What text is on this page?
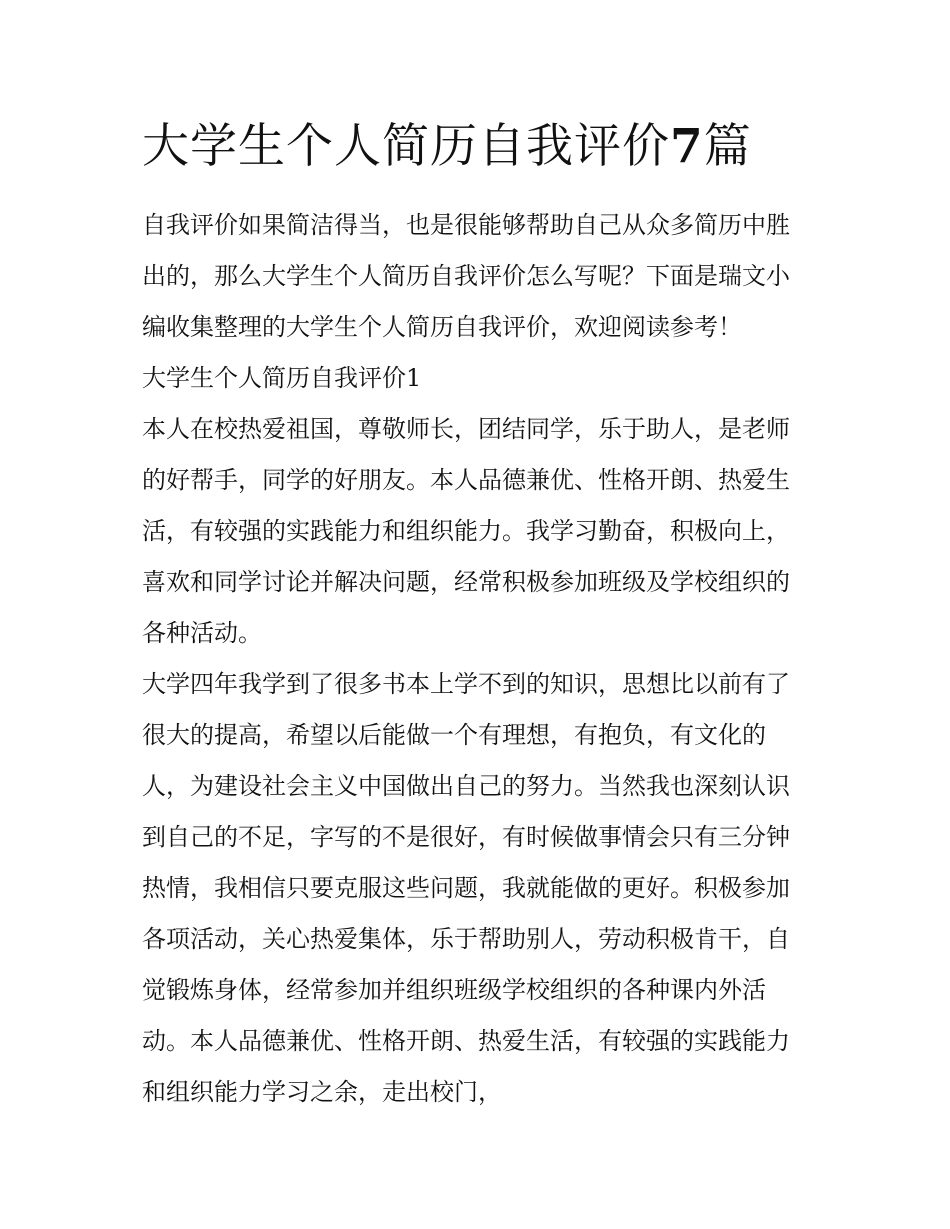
大学生个人简历自我评价7篇

自我评价如果简洁得当，也是很能够帮助自己从众多简历中胜

出的，那么大学生个人简历自我评价怎么写呢？下面是瑞文小

编收集整理的大学生个人简历自我评价，欢迎阅读参考！

大学生个人简历自我评价1

本人在校热爱祖国，尊敬师长，团结同学，乐于助人，是老师

的好帮手，同学的好朋友。本人品德兼优、性格开朗、热爱生

活，有较强的实践能力和组织能力。我学习勤奋，积极向上，

喜欢和同学讨论并解决问题，经常积极参加班级及学校组织的

各种活动。

大学四年我学到了很多书本上学不到的知识，思想比以前有了

很大的提高，希望以后能做一个有理想，有抱负，有文化的

人，为建设社会主义中国做出自己的努力。当然我也深刻认识

到自己的不足，字写的不是很好，有时候做事情会只有三分钟

热情，我相信只要克服这些问题，我就能做的更好。积极参加

各项活动，关心热爱集体，乐于帮助别人，劳动积极肯干，自

觉锻炼身体，经常参加并组织班级学校组织的各种课内外活

动。本人品德兼优、性格开朗、热爱生活，有较强的实践能力

和组织能力学习之余，走出校门，
